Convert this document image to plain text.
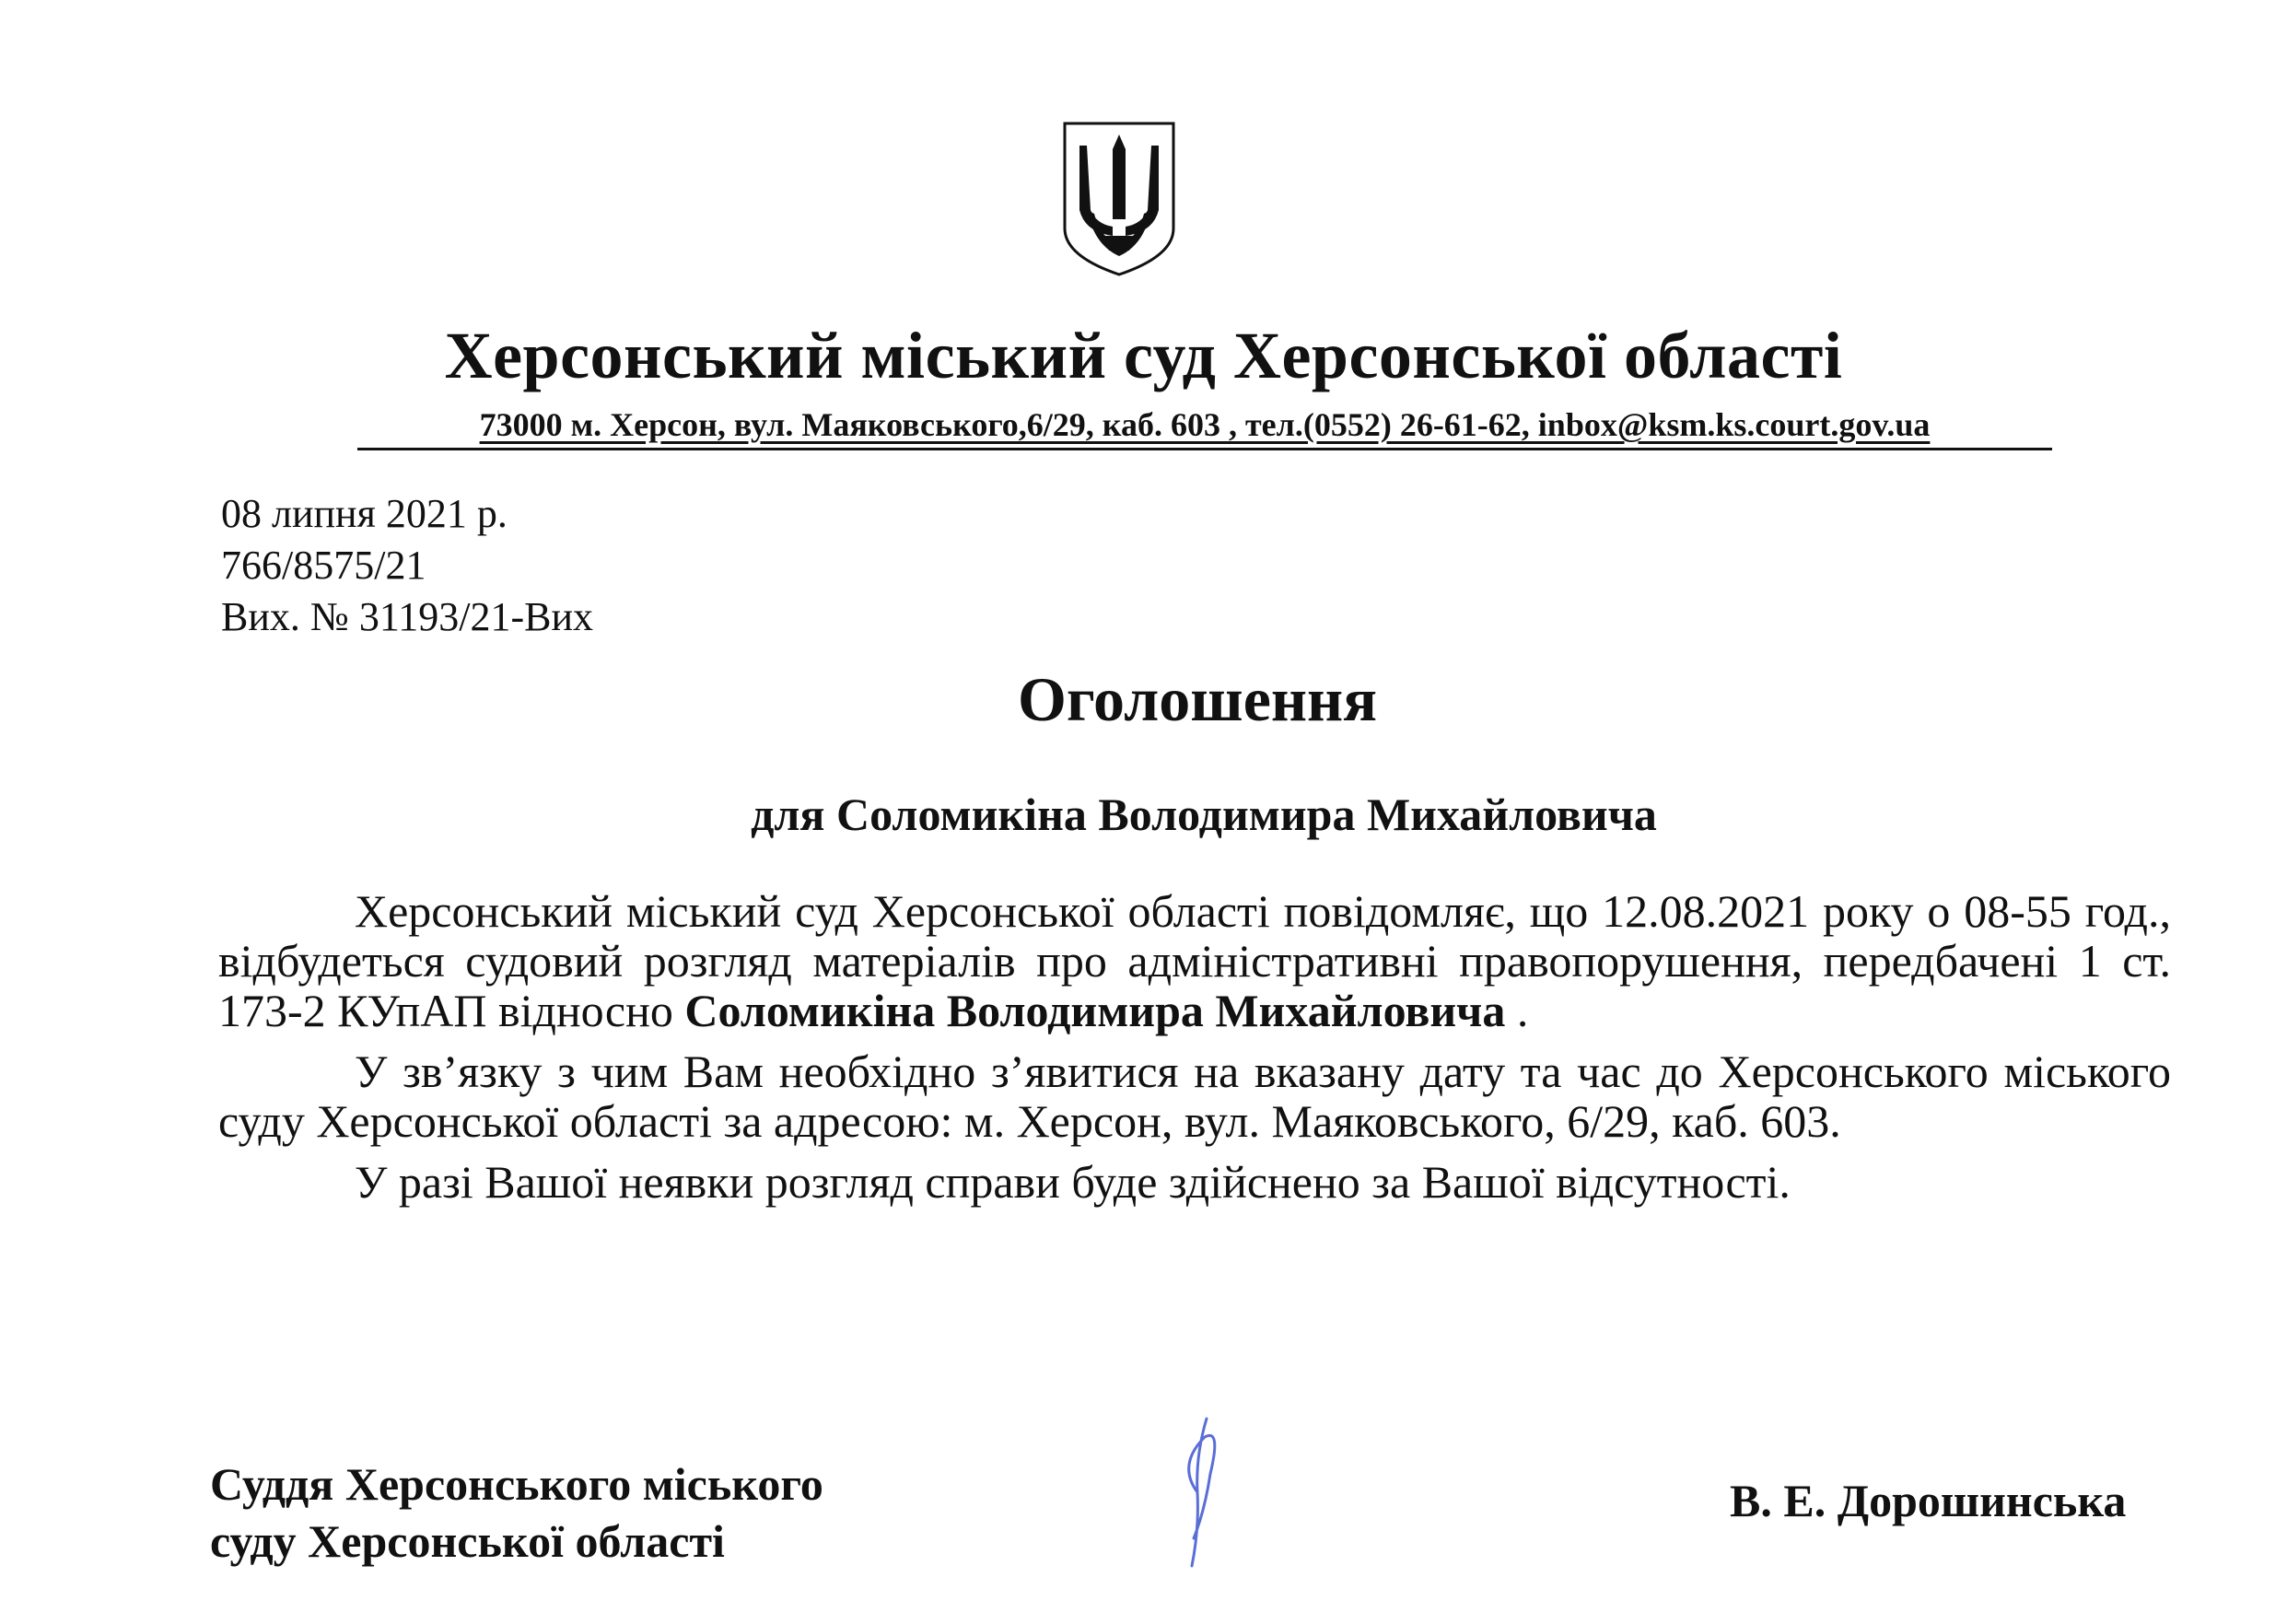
Херсонський міський суд Херсонської області
73000 м. Херсон, вул. Маяковського,6/29, каб. 603 , тел.(0552) 26-61-62, inbox@ksm.ks.court.gov.ua
08 липня 2021 р.
766/8575/21
Вих. № 31193/21-Вих
Оголошення
для Соломикіна Володимира Михайловича

Херсонський міський суд Херсонської області повідомляє, що 12.08.2021 року о 08-55 год., відбудеться судовий розгляд матеріалів про адміністративні правопорушення, передбачені 1 ст. 173-2 КУпАП відносно Соломикіна Володимира Михайловича .

У зв’язку з чим Вам необхідно з’явитися на вказану дату та час до Херсонського міського суду Херсонської області за адресою: м. Херсон, вул. Маяковського, 6/29, каб. 603.

У разі Вашої неявки розгляд справи буде здійснено за Вашої відсутності.

Суддя Херсонського міського
суду Херсонської області
В. Е. Дорошинська
